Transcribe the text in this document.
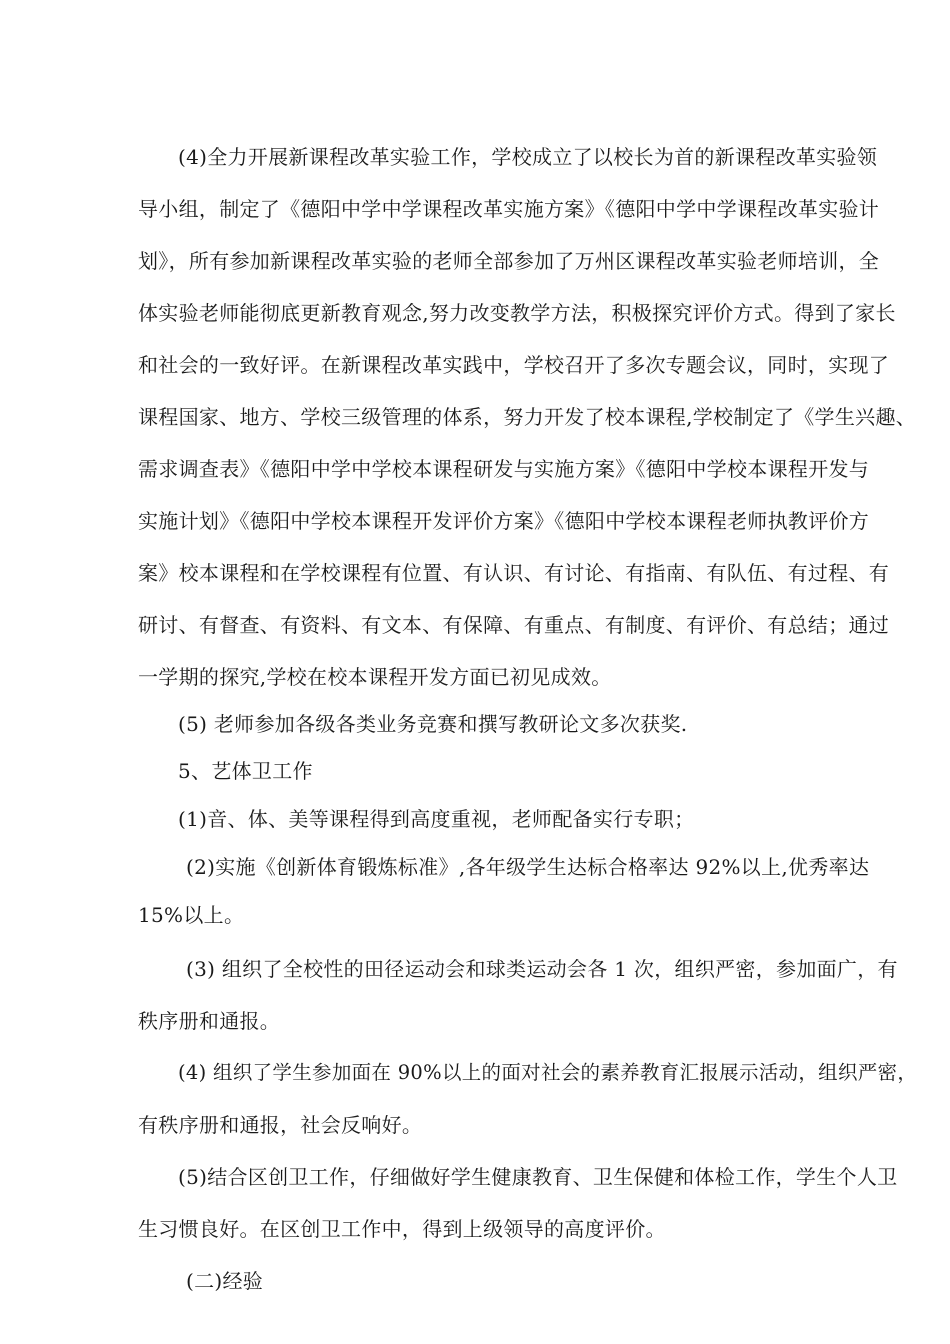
(4)全力开展新课程改革实验工作，学校成立了以校长为首的新课程改革实验领
导小组，制定了《德阳中学中学课程改革实施方案》《德阳中学中学课程改革实验计
划》，所有参加新课程改革实验的老师全部参加了万州区课程改革实验老师培训，全
体实验老师能彻底更新教育观念,努力改变教学方法，积极探究评价方式。得到了家长
和社会的一致好评。在新课程改革实践中，学校召开了多次专题会议，同时，实现了
课程国家、地方、学校三级管理的体系，努力开发了校本课程,学校制定了《学生兴趣、
需求调查表》《德阳中学中学校本课程研发与实施方案》《德阳中学校本课程开发与
实施计划》《德阳中学校本课程开发评价方案》《德阳中学校本课程老师执教评价方
案》校本课程和在学校课程有位置、有认识、有讨论、有指南、有队伍、有过程、有
研讨、有督查、有资料、有文本、有保障、有重点、有制度、有评价、有总结；通过
一学期的探究,学校在校本课程开发方面已初见成效。
(5) 老师参加各级各类业务竞赛和撰写教研论文多次获奖.
5、艺体卫工作
(1)音、体、美等课程得到高度重视，老师配备实行专职；
(2)实施《创新体育锻炼标准》,各年级学生达标合格率达 92%以上,优秀率达
15%以上。
(3) 组织了全校性的田径运动会和球类运动会各 1 次，组织严密，参加面广，有
秩序册和通报。
(4) 组织了学生参加面在 90%以上的面对社会的素养教育汇报展示活动，组织严密，
有秩序册和通报，社会反响好。
(5)结合区创卫工作，仔细做好学生健康教育、卫生保健和体检工作，学生个人卫
生习惯良好。在区创卫工作中，得到上级领导的高度评价。
(二)经验
